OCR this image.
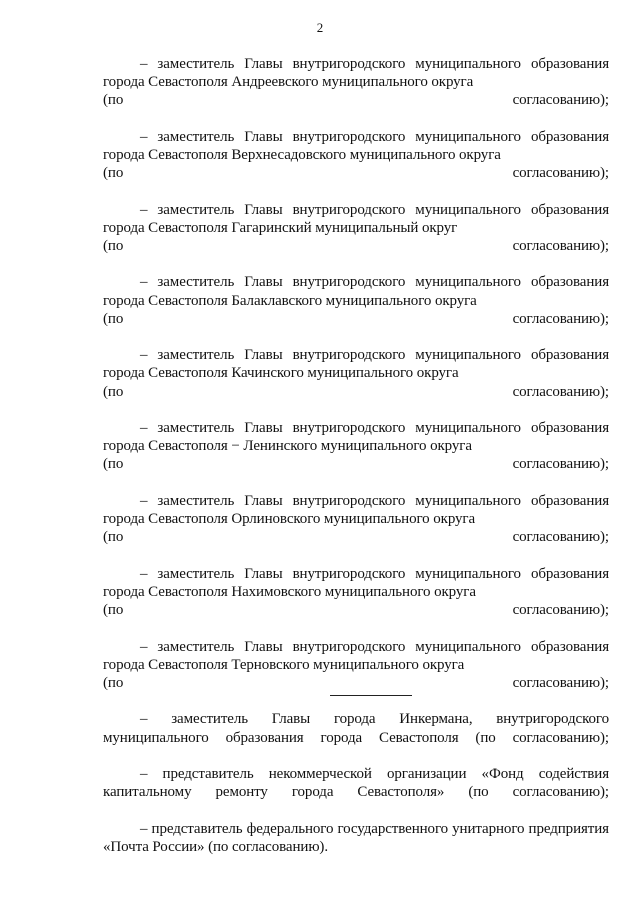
2

– заместитель Главы внутригородского муниципального образования города Севастополя Андреевского муниципального округа
(по согласованию);

– заместитель Главы внутригородского муниципального образования города Севастополя Верхнесадовского муниципального округа
(по согласованию);

– заместитель Главы внутригородского муниципального образования города Севастополя Гагаринский муниципальный округ
(по согласованию);

– заместитель Главы внутригородского муниципального образования города Севастополя Балаклавского муниципального округа
(по согласованию);

– заместитель Главы внутригородского муниципального образования города Севастополя Качинского муниципального округа
(по согласованию);

– заместитель Главы внутригородского муниципального образования города Севастополя − Ленинского муниципального округа
(по согласованию);

– заместитель Главы внутригородского муниципального образования города Севастополя Орлиновского муниципального округа
(по согласованию);

– заместитель Главы внутригородского муниципального образования города Севастополя Нахимовского муниципального округа
(по согласованию);

– заместитель Главы внутригородского муниципального образования города Севастополя Терновского муниципального округа
(по согласованию);

– заместитель Главы города Инкермана, внутригородского муниципального образования города Севастополя (по согласованию);

– представитель некоммерческой организации «Фонд содействия капитальному ремонту города Севастополя» (по согласованию);

– представитель федерального государственного унитарного предприятия «Почта России» (по согласованию).
